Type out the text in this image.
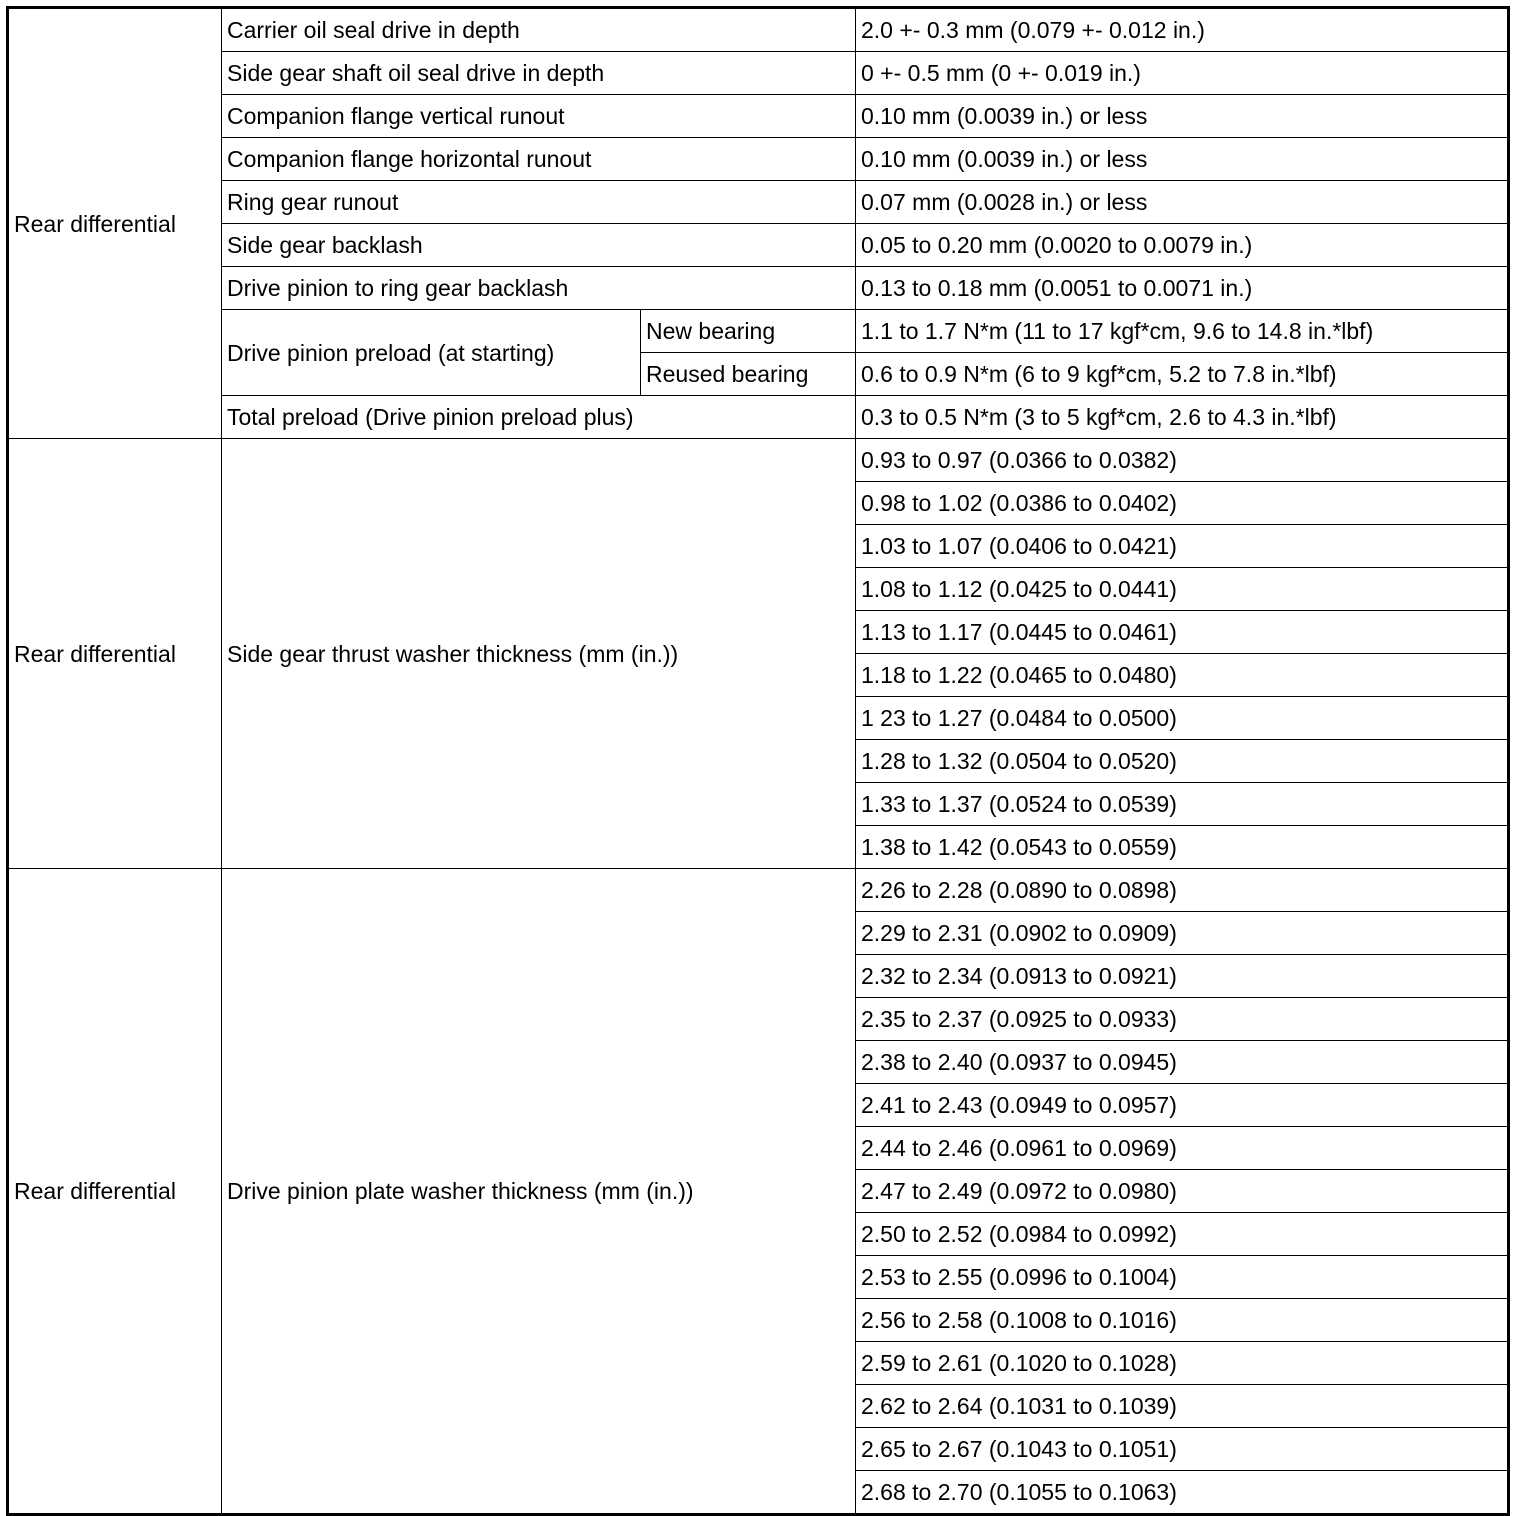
Rear differential	Carrier oil seal drive in depth		2.0 +- 0.3 mm (0.079 +- 0.012 in.)
	Side gear shaft oil seal drive in depth		0 +- 0.5 mm (0 +- 0.019 in.)
	Companion flange vertical runout		0.10 mm (0.0039 in.) or less
	Companion flange horizontal runout		0.10 mm (0.0039 in.) or less
	Ring gear runout		0.07 mm (0.0028 in.) or less
	Side gear backlash		0.05 to 0.20 mm (0.0020 to 0.0079 in.)
	Drive pinion to ring gear backlash		0.13 to 0.18 mm (0.0051 to 0.0071 in.)
	Drive pinion preload (at starting)	New bearing	1.1 to 1.7 N*m (11 to 17 kgf*cm, 9.6 to 14.8 in.*lbf)
		Reused bearing	0.6 to 0.9 N*m (6 to 9 kgf*cm, 5.2 to 7.8 in.*lbf)
	Total preload (Drive pinion preload plus)		0.3 to 0.5 N*m (3 to 5 kgf*cm, 2.6 to 4.3 in.*lbf)
Rear differential	Side gear thrust washer thickness (mm (in.))		0.93 to 0.97 (0.0366 to 0.0382)
			0.98 to 1.02 (0.0386 to 0.0402)
			1.03 to 1.07 (0.0406 to 0.0421)
			1.08 to 1.12 (0.0425 to 0.0441)
			1.13 to 1.17 (0.0445 to 0.0461)
			1.18 to 1.22 (0.0465 to 0.0480)
			1 23 to 1.27 (0.0484 to 0.0500)
			1.28 to 1.32 (0.0504 to 0.0520)
			1.33 to 1.37 (0.0524 to 0.0539)
			1.38 to 1.42 (0.0543 to 0.0559)
Rear differential	Drive pinion plate washer thickness (mm (in.))		2.26 to 2.28 (0.0890 to 0.0898)
			2.29 to 2.31 (0.0902 to 0.0909)
			2.32 to 2.34 (0.0913 to 0.0921)
			2.35 to 2.37 (0.0925 to 0.0933)
			2.38 to 2.40 (0.0937 to 0.0945)
			2.41 to 2.43 (0.0949 to 0.0957)
			2.44 to 2.46 (0.0961 to 0.0969)
			2.47 to 2.49 (0.0972 to 0.0980)
			2.50 to 2.52 (0.0984 to 0.0992)
			2.53 to 2.55 (0.0996 to 0.1004)
			2.56 to 2.58 (0.1008 to 0.1016)
			2.59 to 2.61 (0.1020 to 0.1028)
			2.62 to 2.64 (0.1031 to 0.1039)
			2.65 to 2.67 (0.1043 to 0.1051)
			2.68 to 2.70 (0.1055 to 0.1063)
